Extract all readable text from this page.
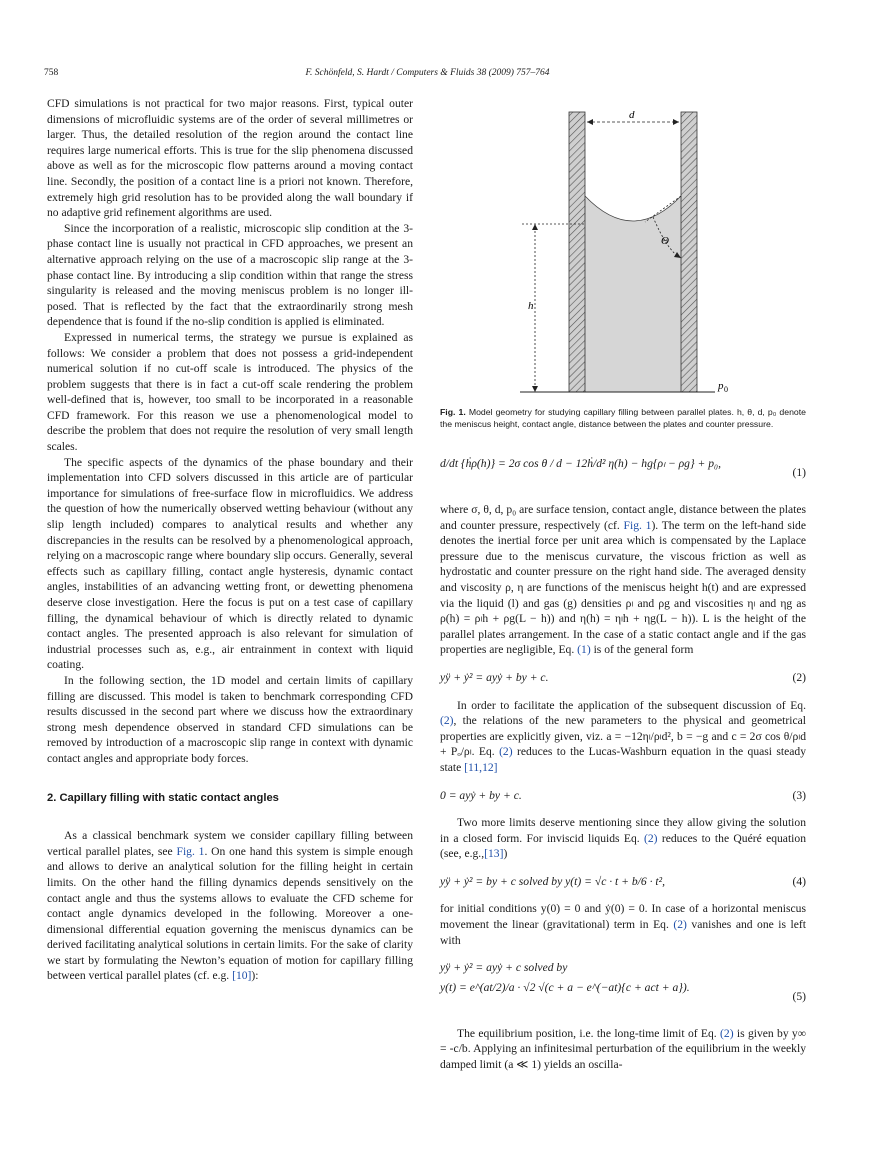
758	F. Schönfeld, S. Hardt / Computers & Fluids 38 (2009) 757–764

CFD simulations is not practical for two major reasons. First, typical outer dimensions of microfluidic systems are of the order of several millimetres or larger. Thus, the detailed resolution of the region around the contact line requires large numerical efforts. This is true for the slip phenomena discussed above as well as for the microscopic flow patterns around a moving contact line. Secondly, the position of a contact line is a priori not known. Therefore, extremely high grid resolution has to be provided along the wall boundary if no adaptive grid refinement algorithms are used.

Since the incorporation of a realistic, microscopic slip condition at the 3-phase contact line is usually not practical in CFD approaches, we present an alternative approach relying on the use of a macroscopic slip range at the 3-phase contact line. By introducing a slip condition within that range the stress singularity is released and the moving meniscus problem is no longer ill-posed. That is reflected by the fact that the extraordinarily strong mesh dependence that is found if the no-slip condition is applied is eliminated.

Expressed in numerical terms, the strategy we pursue is explained as follows: We consider a problem that does not possess a grid-independent numerical solution if no cut-off scale is introduced. The physics of the problem suggests that there is in fact a cut-off scale rendering the problem well-defined that is, however, too small to be incorporated in a reasonable CFD framework. For this reason we use a phenomenological model to describe the problem that does not require the resolution of very small length scales.

The specific aspects of the dynamics of the phase boundary and their implementation into CFD solvers discussed in this article are of particular importance for simulations of free-surface flow in microfluidics. We address the question of how the numerically observed wetting behaviour (without any slip length included) compares to analytical results and whether any discrepancies in the results can be resolved by a phenomenological approach, relying on a macroscopic range where boundary slip occurs. Generally, several effects such as capillary filling, contact angle hysteresis, dynamic contact angles, instabilities of an advancing wetting front, or dewetting phenomena deserve close investigation. Here the focus is put on a test case of capillary filling, the dynamical behaviour of which is directly related to dynamic contact angles. The presented approach is also relevant for simulation of industrial processes such as, e.g., air entrainment in context with liquid coating.

In the following section, the 1D model and certain limits of capillary filling are discussed. This model is taken to benchmark corresponding CFD results discussed in the second part where we discuss how the extraordinary strong mesh dependence observed in standard CFD simulations can be removed by introduction of a macroscopic slip range in context with dynamic contact angles and appropriate body forces.

2. Capillary filling with static contact angles

As a classical benchmark system we consider capillary filling between vertical parallel plates, see Fig. 1. On one hand this system is simple enough and allows to derive an analytical solution for the filling height in certain limits. On the other hand the filling dynamics depends sensitively on the contact angle and thus the systems allows to evaluate the CFD scheme for contact angle dynamics developed in the following. Moreover a one-dimensional differential equation governing the meniscus dynamics can be derived facilitating analytical solutions in certain limits. For the sake of clarity we start by formulating the Newton’s equation of motion for capillary filling between vertical parallel plates (cf. e.g. [10]):

d
h
Θ
p 0
Fig. 1. Model geometry for studying capillary filling between parallel plates. h, θ, d, p₀ denote the meniscus height, contact angle, distance between the plates and counter pressure.
d/dt {ḣρ(h)} = 2σ cos θ / d − 12ḣ/d² η(h) − hg{ρₗ − ρg} + p₀,
(1)

where σ, θ, d, p₀ are surface tension, contact angle, distance between the plates and counter pressure, respectively (cf. Fig. 1). The term on the left-hand side denotes the inertial force per unit area which is compensated by the Laplace pressure due to the meniscus curvature, the viscous friction as well as hydrostatic and counter pressure on the right hand side. The averaged density and viscosity ρ, η are functions of the meniscus height h(t) and are expressed via the liquid (l) and gas (g) densities ρₗ and ρg and viscosities ηₗ and ηg as ρ(h) = ρₗh + ρg(L − h)) and η(h) = ηₗh + ηg(L − h)). L is the height of the parallel plates arrangement. In the case of a static contact angle and if the gas properties are negligible, Eq. (1) is of the general form

yÿ + ẏ² = ayẏ + by + c.	(2)

In order to facilitate the application of the subsequent discussion of Eq. (2), the relations of the new parameters to the physical and geometrical properties are explicitly given, viz. a = −12ηₗ/ρₗd², b = −g and c = 2σ cos θ/ρₗd + Pₒ/ρₗ. Eq. (2) reduces to the Lucas-Washburn equation in the quasi steady state [11,12]

0 = ayẏ + by + c.	(3)

Two more limits deserve mentioning since they allow giving the solution in a closed form. For inviscid liquids Eq. (2) reduces to the Quéré equation (see, e.g.,[13])

yÿ + ẏ² = by + c solved by y(t) = √c · t + b/6 · t²,	(4)

for initial conditions y(0) = 0 and ẏ(0) = 0. In case of a horizontal meniscus movement the linear (gravitational) term in Eq. (2) vanishes and one is left with

yÿ + ẏ² = ayẏ + c solved by
y(t) = e^(at/2)/a · √2 √(c + a − e^(−at){c + act + a}).
(5)

The equilibrium position, i.e. the long-time limit of Eq. (2) is given by y∞ = -c/b. Applying an infinitesimal perturbation of the equilibrium in the weekly damped limit (a ≪ 1) yields an oscilla-
